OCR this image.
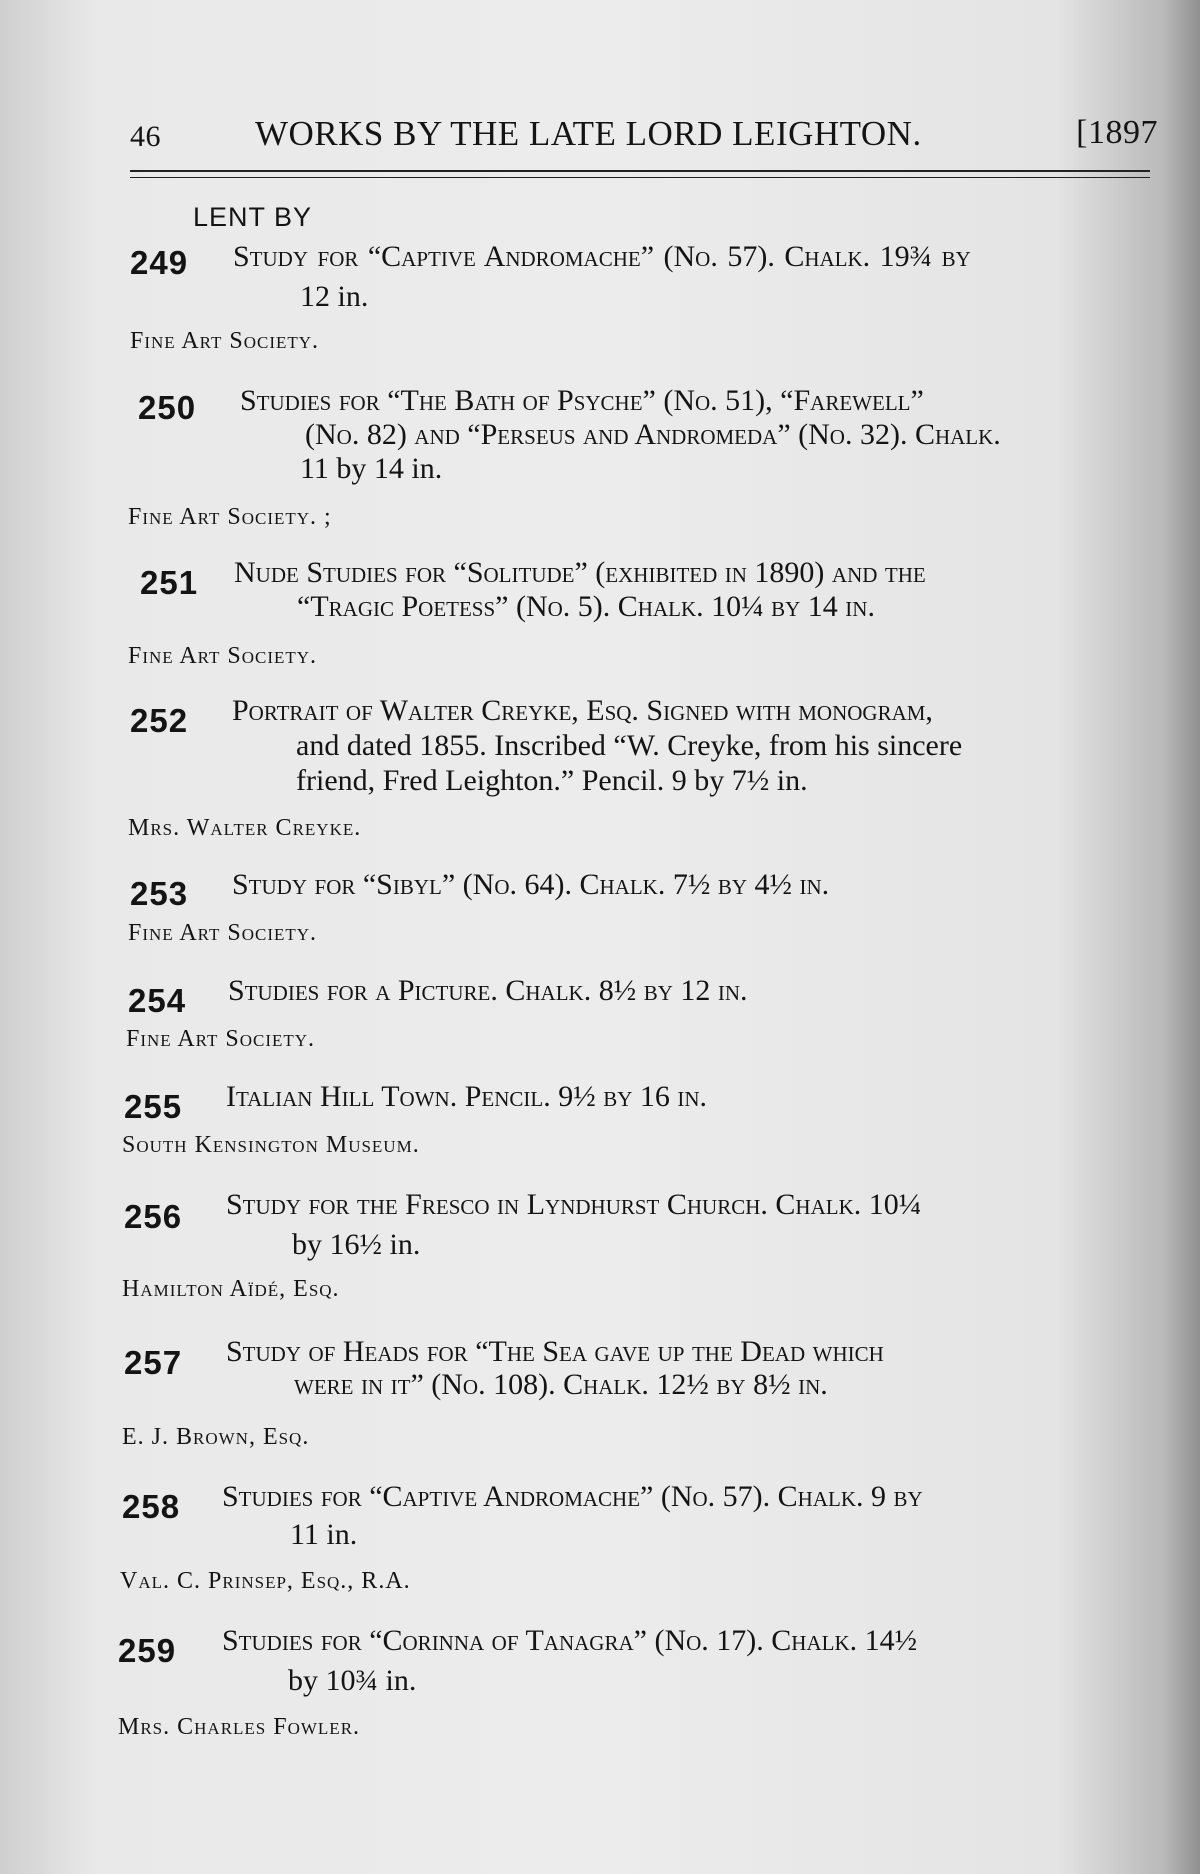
46	WORKS BY THE LATE LORD LEIGHTON.	[1897
LENT BY
249 Study for “Captive Andromache” (No. 57). Chalk. 19¾ by
12 in.
Fine Art Society.
250 Studies for “The Bath of Psyche” (No. 51), “Farewell”
(No. 82) and “Perseus and Andromeda” (No. 32). Chalk.
11 by 14 in.
Fine Art Society. ;
251 Nude Studies for “Solitude” (exhibited in 1890) and the
“Tragic Poetess” (No. 5). Chalk. 10¼ by 14 in.
Fine Art Society.
252 Portrait of Walter Creyke, Esq. Signed with monogram,
and dated 1855. Inscribed “W. Creyke, from his sincere
friend, Fred Leighton.” Pencil. 9 by 7½ in.
Mrs. Walter Creyke.
253 Study for “Sibyl” (No. 64). Chalk. 7½ by 4½ in.
Fine Art Society.
254 Studies for a Picture. Chalk. 8½ by 12 in.
Fine Art Society.
255 Italian Hill Town. Pencil. 9½ by 16 in.
South Kensington Museum.
256 Study for the Fresco in Lyndhurst Church. Chalk. 10¼
by 16½ in.
Hamilton Aïdé, Esq.
257 Study of Heads for “The Sea gave up the Dead which
were in it” (No. 108). Chalk. 12½ by 8½ in.
E. J. Brown, Esq.
258 Studies for “Captive Andromache” (No. 57). Chalk. 9 by
11 in.
Val. C. Prinsep, Esq., R.A.
259 Studies for “Corinna of Tanagra” (No. 17). Chalk. 14½
by 10¾ in.
Mrs. Charles Fowler.
